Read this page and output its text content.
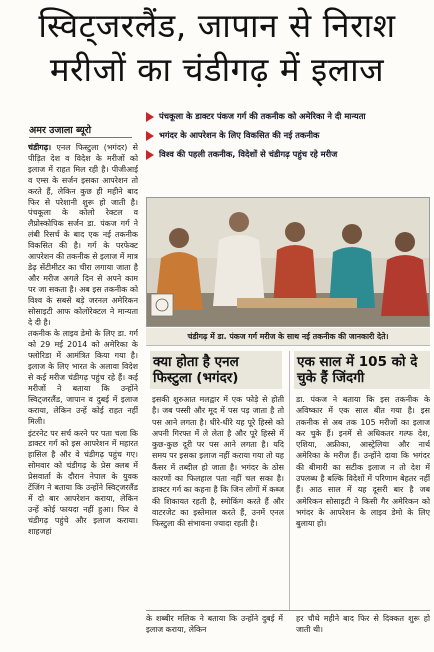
स्विट्जरलैंड, जापान से निराश
मरीजों का चंडीगढ़ में इलाज
अमर उजाला ब्यूरो

चंडीगढ़। एनल फिस्टुला (भगंदर) से पीड़ित देश व विदेश के मरीजों को इलाज में राहत मिल रही है। पीजीआई व एम्स के सर्जन इसका आपरेशन तो करते हैं, लेकिन कुछ ही महीने बाद फिर से परेशानी शुरू हो जाती है। पंचकूला के कोलो रेक्टल व लैप्रोस्कोपिक सर्जन डा. पंकज गर्ग ने लंबी रिसर्च के बाद एक नई तकनीक विकसित की है। गर्ग के परफेक्ट आपरेशन की तकनीक से इलाज में मात्र डेढ़ सेंटीमीटर का चीरा लगाया जाता है और मरीज अगले दिन से अपने काम पर जा सकता है। अब इस तकनीक को विश्व के सबसे बड़े जरनल अमेरिकन सोसाइटी आफ कोलोरेक्टल ने मान्यता दे दी है।

तकनीक के लाइव डेमो के लिए डा. गर्ग को 29 मई 2014 को अमेरिका के फ्लोरिडा में आमंत्रित किया गया है। इलाज के लिए भारत के अलावा विदेश से कई मरीज चंडीगढ़ पहुंच रहे हैं। कई मरीजों ने बताया कि उन्होंने स्विट्जरलैंड, जापान व दुबई में इलाज कराया, लेकिन उन्हें कोई राहत नहीं मिली।

इंटरनेट पर सर्च करने पर पता चला कि डाक्टर गर्ग को इस आपरेशन में महारत हासिल है और वे चंडीगढ़ पहुंच गए। सोमवार को चंडीगढ़ के प्रेस क्लब में प्रेसवार्ता के दौरान नेपाल के युवक टेंजिंग ने बताया कि उन्होंने स्विट्जरलैंड में दो बार आपरेशन कराया, लेकिन उन्हें कोई फायदा नहीं हुआ। फिर वे चंडीगढ़ पहुंचे और इलाज कराया। शाहजहां

पंचकूला के डाक्टर पंकज गर्ग की तकनीक को अमेरिका ने दी मान्यता
भगंदर के आपरेशन के लिए विकसित की नई तकनीक
विश्व की पहली तकनीक, विदेशों से चंडीगढ़ पहुंच रहे मरीज
चंडीगढ़ में डा. पंकज गर्ग मरीज के साथ नई तकनीक की जानकारी देते।
क्या होता है एनल फिस्टुला (भगंदर)
इसकी शुरुआत मलद्वार में एक फोड़े से होती है। जब पस्सी और मूद में पस पड़ जाता है तो पस आने लगता है। धीरे-धीरे यह पूरे हिस्से को अपनी गिरफ्त में ले लेता है और पूरे हिस्से में कुछ-कुछ दूरी पर पस आने लगता है। यदि समय पर इसका इलाज नहीं कराया गया तो यह कैंसर में तब्दील हो जाता है। भगंदर के ठोस कारणों का फिलहाल पता नहीं चल सका है। डाक्टर गर्ग का कहना है कि जिन लोगों में कब्ज की शिकायत रहती है, स्मोकिंग करते हैं और वाटरजेट का इस्तेमाल करते हैं, उनमें एनल फिस्टुला की संभावना ज्यादा रहती है।
एक साल में 105 को दे चुके हैं जिंदगी
डा. पंकज ने बताया कि इस तकनीक के अविष्कार में एक साल बीत गया है। इस तकनीक से अब तक 105 मरीजों का इलाज कर चुके हैं। इनमें से अधिकतर गल्फ देश, एशिया, अफ्रीका, आस्ट्रेलिया और नार्थ अमेरिका के मरीज हैं। उन्होंने दावा कि भगंदर की बीमारी का सटीक इलाज न तो देश में उपलब्ध है बल्कि विदेशों में परिणाम बेहतर नहीं हैं। आठ साल में यह दूसरी बार है जब अमेरिकन सोसाइटी ने किसी गैर अमेरिकन को भगंदर के आपरेशन के लाइव डेमो के लिए बुलाया हो।
के शब्बीर मलिक ने बताया कि उन्होंने दुबई में इलाज कराया, लेकिन
हर चौथे महीने बाद फिर से दिक्कत शुरू हो जाती थी।
